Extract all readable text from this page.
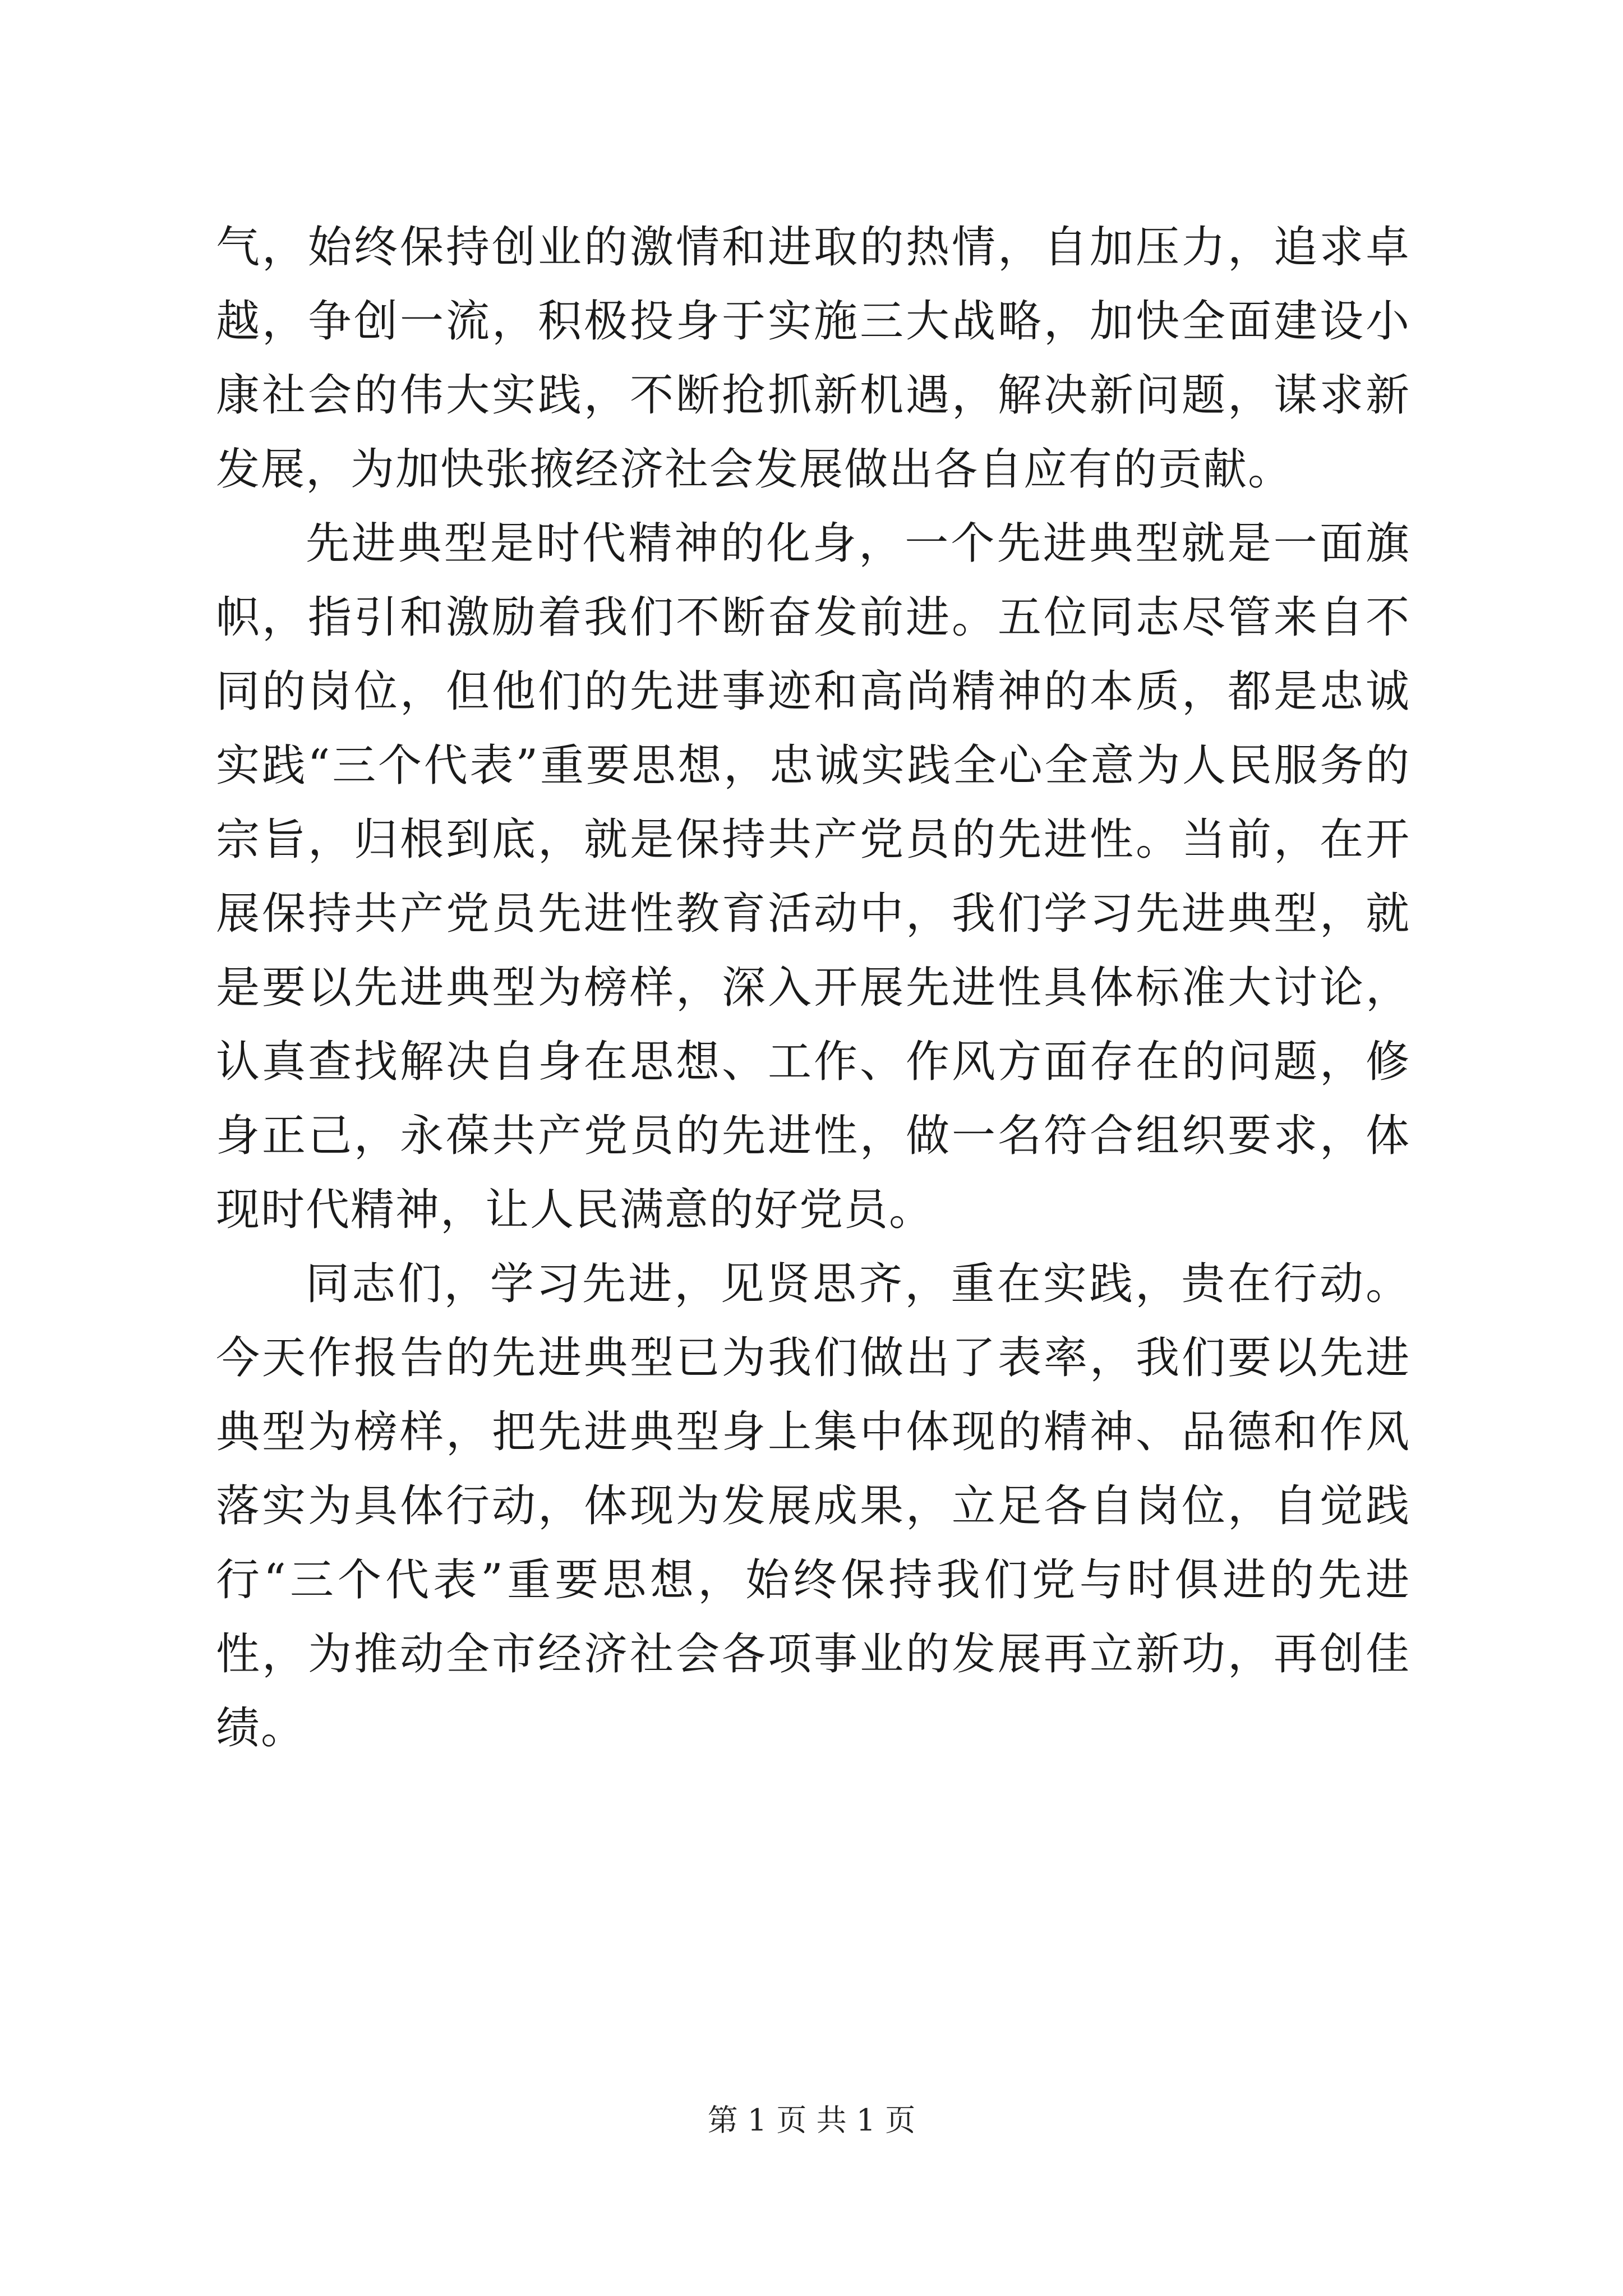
气，始终保持创业的激情和进取的热情，自加压力，追求卓越，争创一流，积极投身于实施三大战略，加快全面建设小康社会的伟大实践，不断抢抓新机遇，解决新问题，谋求新发展，为加快张掖经济社会发展做出各自应有的贡献。

先进典型是时代精神的化身，一个先进典型就是一面旗帜，指引和激励着我们不断奋发前进。五位同志尽管来自不同的岗位，但他们的先进事迹和高尚精神的本质，都是忠诚实践“三个代表”重要思想，忠诚实践全心全意为人民服务的宗旨，归根到底，就是保持共产党员的先进性。当前，在开展保持共产党员先进性教育活动中，我们学习先进典型，就是要以先进典型为榜样，深入开展先进性具体标准大讨论，认真查找解决自身在思想、工作、作风方面存在的问题，修身正己，永葆共产党员的先进性，做一名符合组织要求，体现时代精神，让人民满意的好党员。

同志们，学习先进，见贤思齐，重在实践，贵在行动。今天作报告的先进典型已为我们做出了表率，我们要以先进典型为榜样，把先进典型身上集中体现的精神、品德和作风落实为具体行动，体现为发展成果，立足各自岗位，自觉践行“三个代表”重要思想，始终保持我们党与时俱进的先进性，为推动全市经济社会各项事业的发展再立新功，再创佳绩。

第 1 页 共 1 页
